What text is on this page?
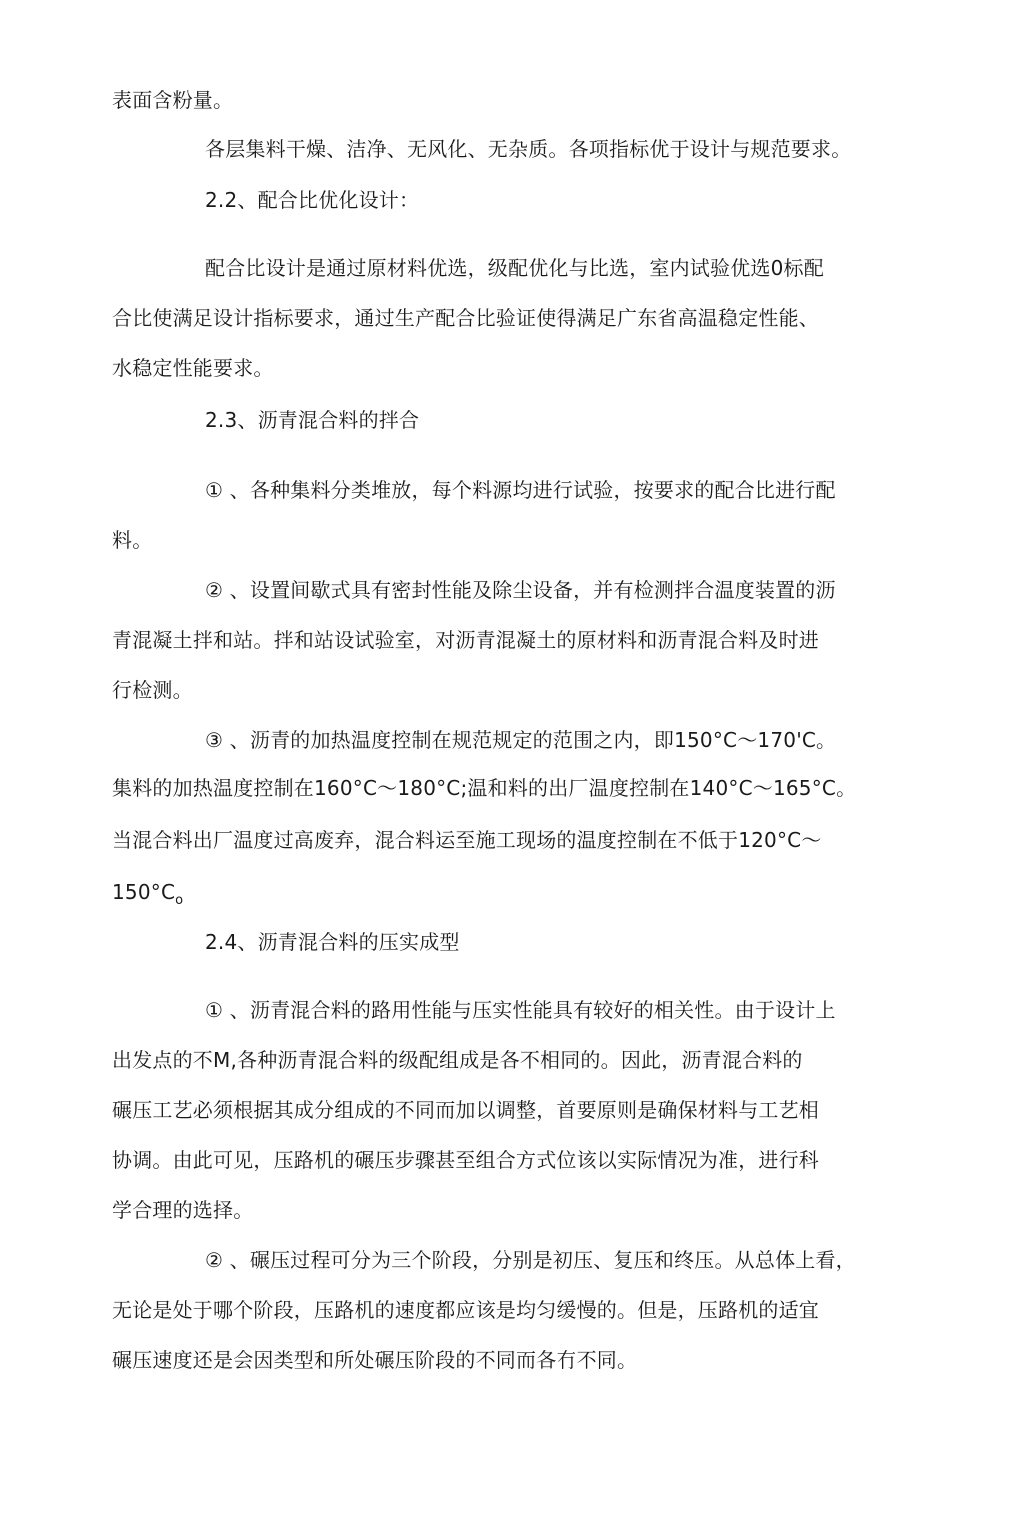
表面含粉量。
各层集料干燥、洁净、无风化、无杂质。各项指标优于设计与规范要求。
2.2、配合比优化设计：
配合比设计是通过原材料优选，级配优化与比选，室内试验优选0标配
合比使满足设计指标要求，通过生产配合比验证使得满足广东省高温稳定性能、
水稳定性能要求。
2.3、沥青混合料的拌合
① 、各种集料分类堆放，每个料源均进行试验，按要求的配合比进行配
料。
② 、设置间歇式具有密封性能及除尘设备，并有检测拌合温度装置的沥
青混凝土拌和站。拌和站设试验室，对沥青混凝土的原材料和沥青混合料及时进
行检测。
③ 、沥青的加热温度控制在规范规定的范围之内，即150°C～170'C。
集料的加热温度控制在160°C～180°C;温和料的出厂温度控制在140°C～165°C。
当混合料出厂温度过高废弃，混合料运至施工现场的温度控制在不低于120°C～
$150^\circ C_o$
2.4、沥青混合料的压实成型
① 、沥青混合料的路用性能与压实性能具有较好的相关性。由于设计上
出发点的不M,各种沥青混合料的级配组成是各不相同的。因此，沥青混合料的
碾压工艺必须根据其成分组成的不同而加以调整，首要原则是确保材料与工艺相
协调。由此可见，压路机的碾压步骤甚至组合方式位该以实际情况为准，进行科
学合理的选择。
② 、碾压过程可分为三个阶段，分别是初压、复压和终压。从总体上看，
无论是处于哪个阶段，压路机的速度都应该是均匀缓慢的。但是，压路机的适宜
碾压速度还是会因类型和所处碾压阶段的不同而各冇不同。
